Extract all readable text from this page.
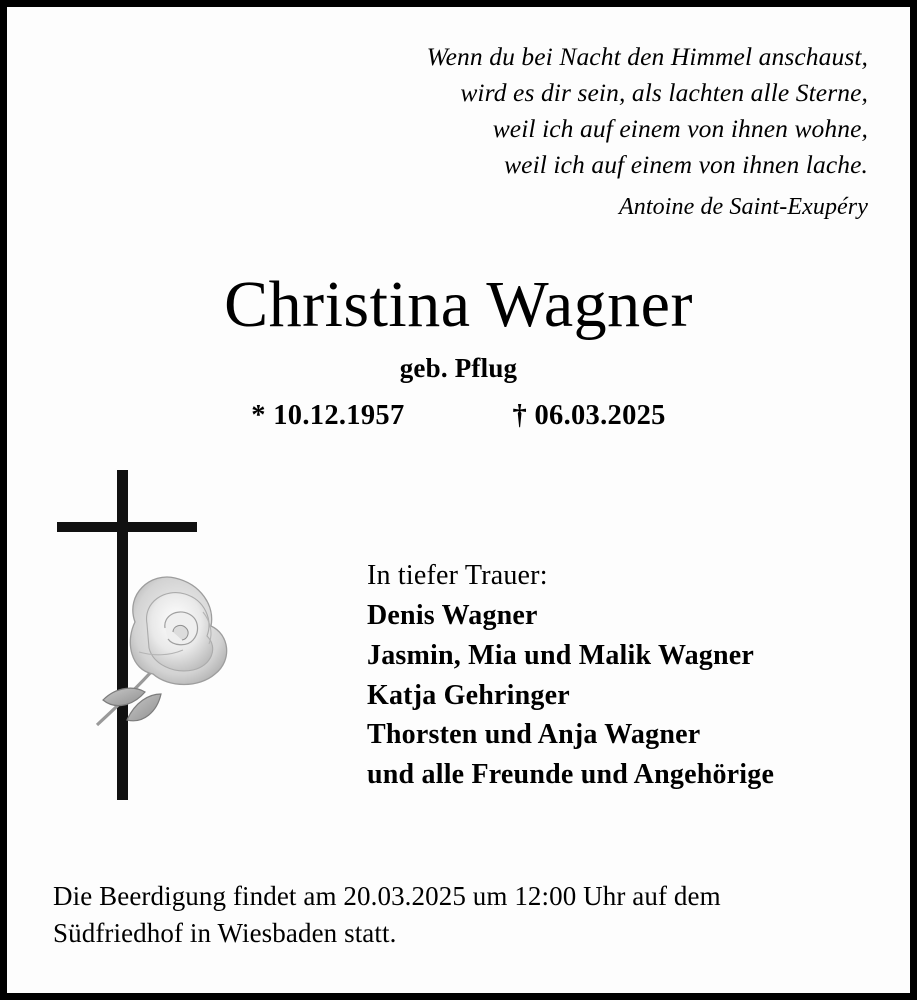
Wenn du bei Nacht den Himmel anschaust,
wird es dir sein, als lachten alle Sterne,
weil ich auf einem von ihnen wohne,
weil ich auf einem von ihnen lache.
Antoine de Saint-Exupéry
Christina Wagner
geb. Pflug
* 10.12.1957	† 06.03.2025
In tiefer Trauer:
Denis Wagner
Jasmin, Mia und Malik Wagner
Katja Gehringer
Thorsten und Anja Wagner
und alle Freunde und Angehörige
Die Beerdigung findet am 20.03.2025 um 12:00 Uhr auf dem
Südfriedhof in Wiesbaden statt.
